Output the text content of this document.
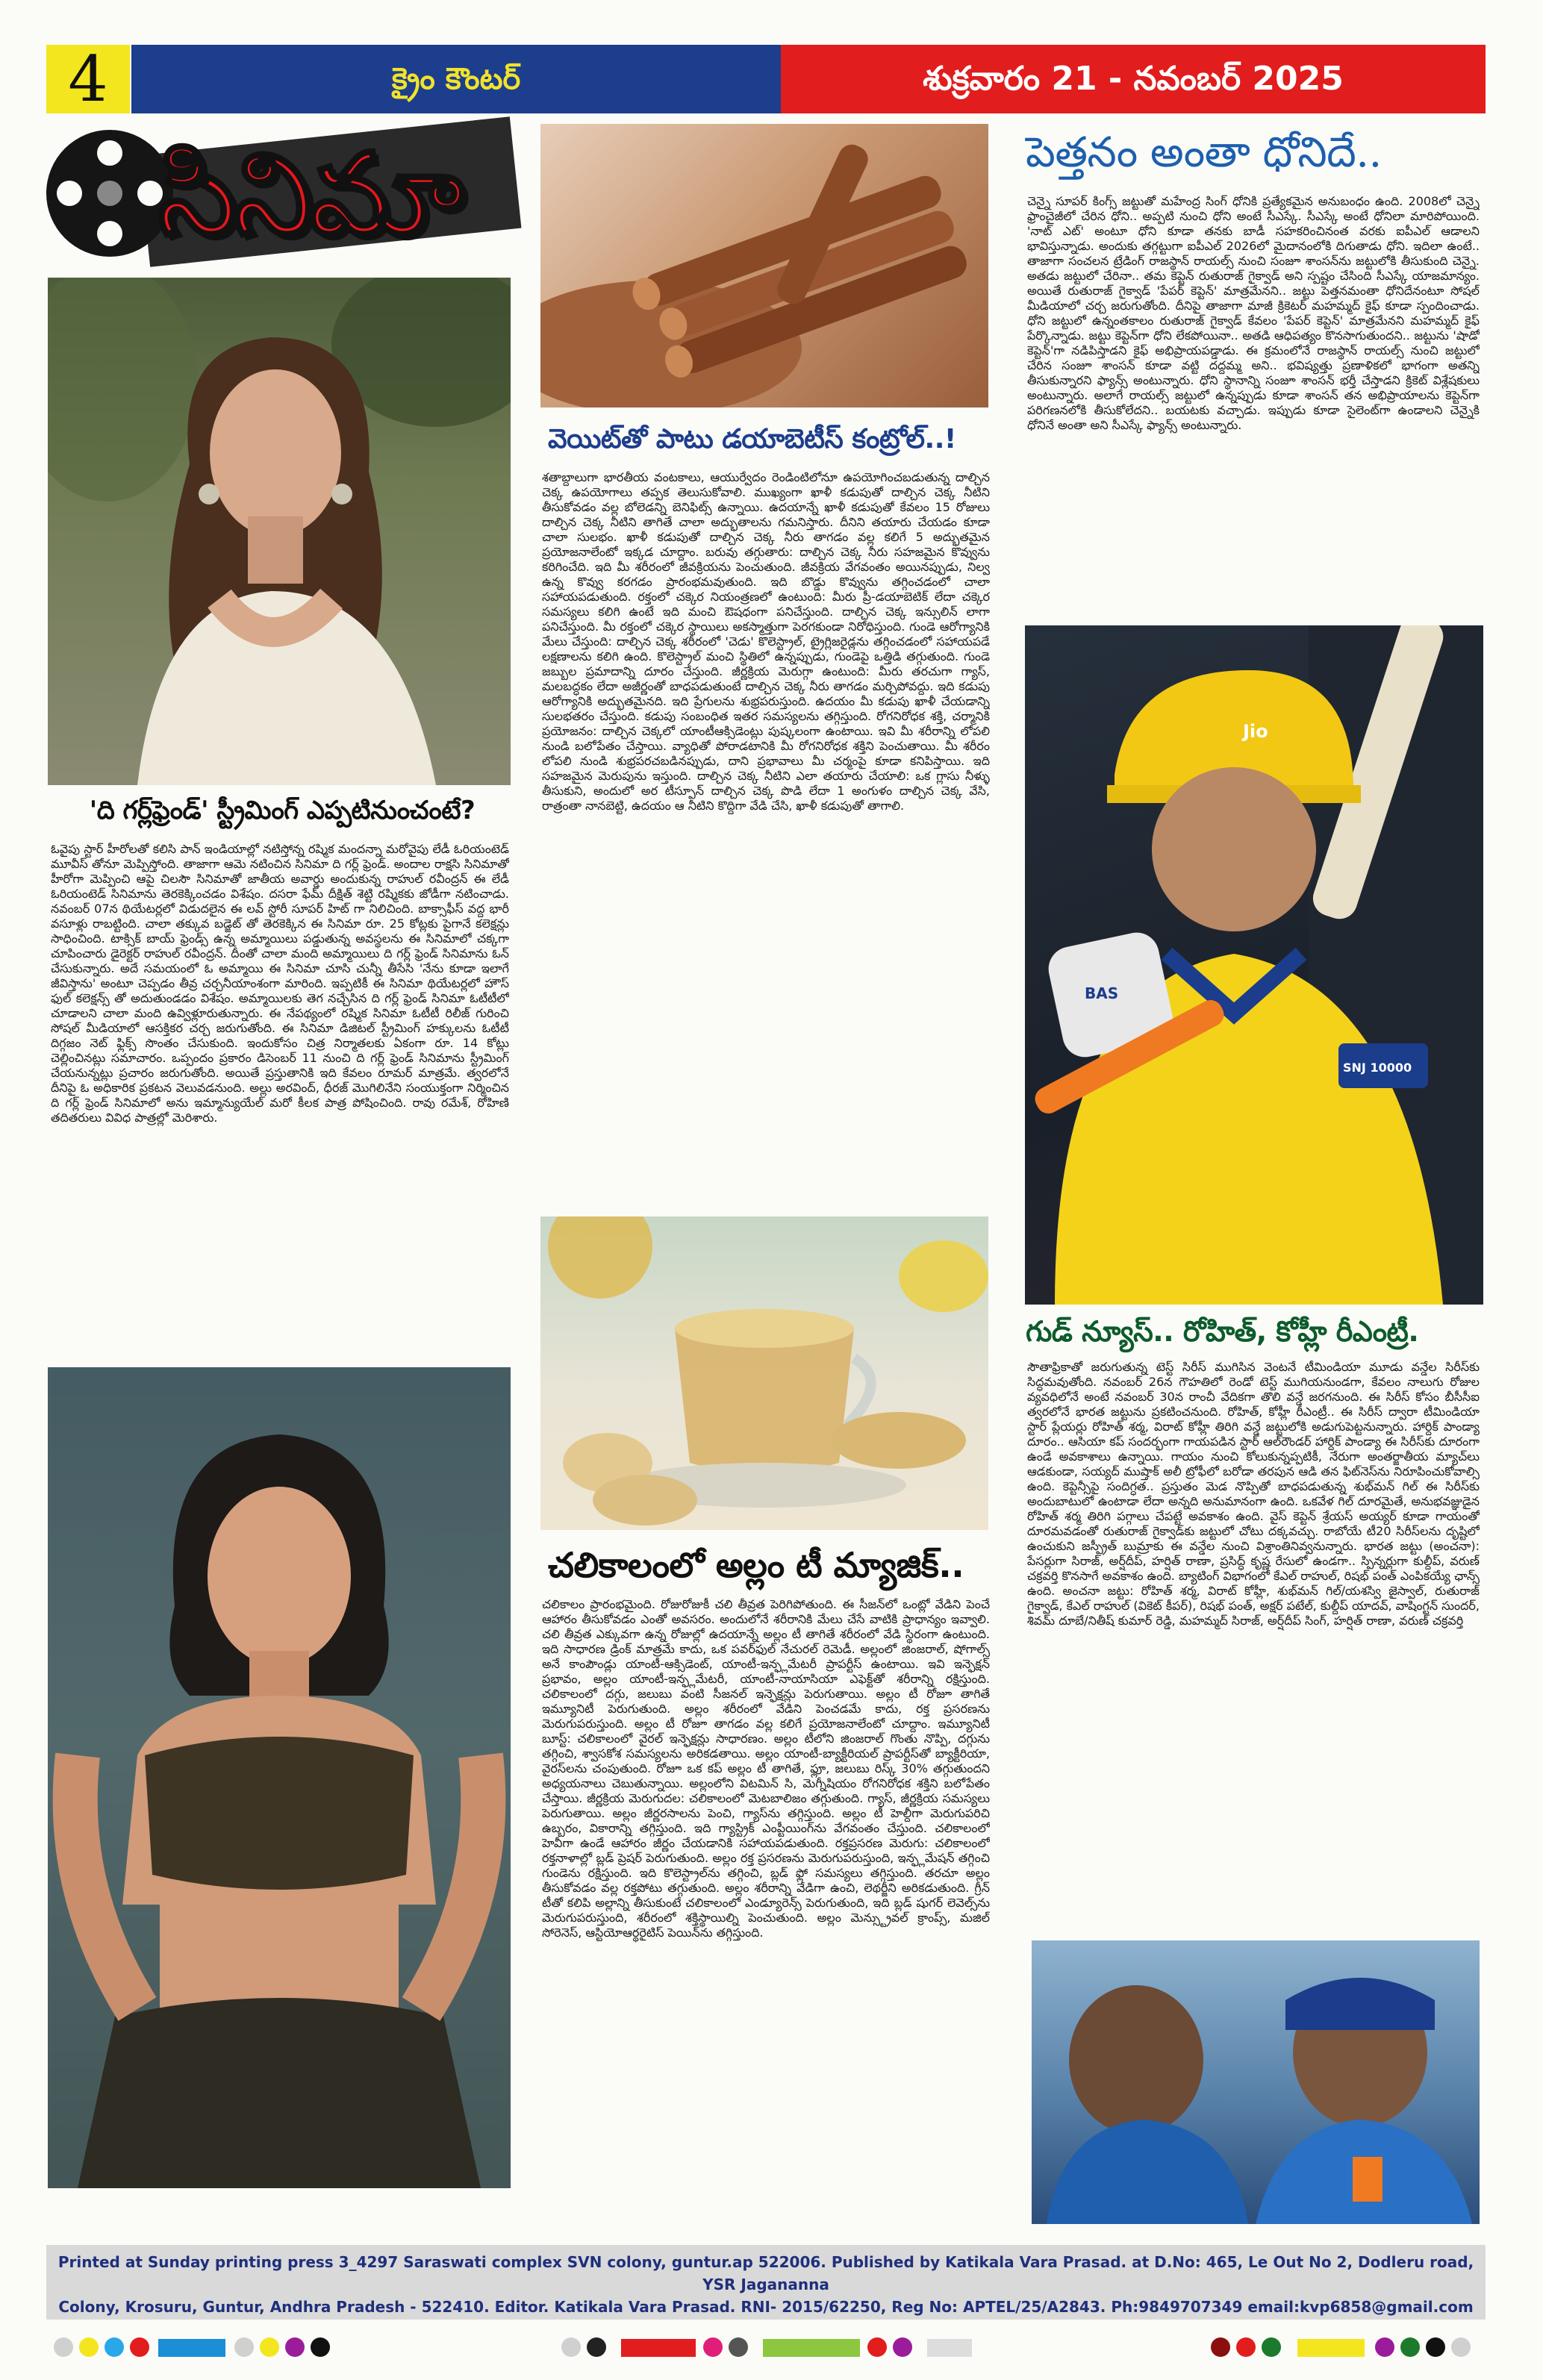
4	క్రైం కౌంటర్	శుక్రవారం 21 - నవంబర్ 2025
సినిమా
Jio
SNJ 10000
BAS
'ది గర్ల్‌ఫ్రెండ్' స్ట్రీమింగ్ ఎప్పటినుంచంటే?
వెయిట్‌తో పాటు డయాబెటీస్ కంట్రోల్..!
చలికాలంలో అల్లం టీ మ్యాజిక్..
పెత్తనం అంతా ధోనిదే..
గుడ్ న్యూస్.. రోహిత్, కోహ్లీ రీఎంట్రీ.
ఓవైపు స్టార్ హీరోలతో కలిసి పాన్ ఇండియాల్లో నటిస్తోన్న రష్మిక మందన్నా మరోవైపు లేడీ ఓరియంటెడ్ మూవీస్ తోనూ మెప్పిస్తోంది. తాజాగా ఆమె నటించిన సినిమా ది గర్ల్ ఫ్రెండ్. అందాల రాక్షసి సినిమాతో హీరోగా మెప్పించి ఆపై చిలసౌ సినిమాతో జాతీయ అవార్డు అందుకున్న రాహుల్ రవీంద్రన్ ఈ లేడీ ఓరియంటెడ్ సినిమాను తెరకెక్కించడం విశేషం. దసరా ఫేమ్ దీక్షిత్ శెట్టి రష్మికకు జోడీగా నటించాడు. నవంబర్ 07న థియేటర్లలో విడుదలైన ఈ లవ్ స్టోరీ సూపర్ హిట్ గా నిలిచింది. బాక్సాఫీస్ వద్ద భారీ వసూళ్లు రాబట్టింది. చాలా తక్కువ బడ్జెట్ తో తెరకెక్కిన ఈ సినిమా రూ. 25 కోట్లకు పైగానే కలెక్షన్లు సాధించింది. టాక్సిక్ బాయ్ ఫ్రెండ్స్ ఉన్న అమ్మాయిలు పడ్డుతున్న అవస్థలను ఈ సినిమాలో చక్కగా చూపించారు డైరెక్టర్ రాహుల్ రవీంద్రన్. దీంతో చాలా మంది అమ్మాయిలు ది గర్ల్ ఫ్రెండ్ సినిమాను ఓన్ చేసుకున్నారు. అదే సమయంలో ఓ అమ్మాయి ఈ సినిమా చూసి చున్నీ తీసేసి 'నేను కూడా ఇలాగే జీవిస్తాను' అంటూ చెప్పడం తీవ్ర చర్చనీయాంశంగా మారింది. ఇప్పటికీ ఈ సినిమా థియేటర్లలో హౌస్ ఫుల్ కలెక్షన్స్ తో అదుతుండడం విశేషం. అమ్మాయిలకు తెగ నచ్చేసిన ది గర్ల్ ఫ్రెండ్ సినిమా ఓటీటీలో చూడాలని చాలా మంది ఉవ్విళ్లూరుతున్నారు. ఈ నేపథ్యంలో రష్మిక సినిమా ఓటీటీ రిలీజ్ గురించి సోషల్ మీడియాలో ఆసక్తికర చర్చ జరుగుతోంది. ఈ సినిమా డిజిటల్ స్ట్రీమింగ్ హక్కులను ఓటీటీ దిగ్గజం నెట్ ఫ్లిక్స్ సొంతం చేసుకుంది. ఇందుకోసం చిత్ర నిర్మాతలకు ఏకంగా రూ. 14 కోట్లు చెల్లించినట్లు సమాచారం. ఒప్పందం ప్రకారం డిసెంబర్ 11 నుంచి ది గర్ల్ ఫ్రెండ్ సినిమాను స్ట్రీమింగ్ చేయనున్నట్లు ప్రచారం జరుగుతోంది. అయితే ప్రస్తుతానికి ఇది కేవలం రూమర్ మాత్రమే. త్వరలోనే దీనిపై ఓ అధికారిక ప్రకటన వెలువడనుంది. అల్లు అరవింద్, ధీరజ్ మొగిలినేని సంయుక్తంగా నిర్మించిన ది గర్ల్ ఫ్రెండ్ సినిమాలో అను ఇమ్మాన్యుయేల్ మరో కీలక పాత్ర పోషించింది. రావు రమేశ్, రోహిణి తదితరులు వివిధ పాత్రల్లో మెరిశారు.
శతాబ్దాలుగా భారతీయ వంటకాలు, ఆయుర్వేదం రెండింటిలోనూ ఉపయోగించబడుతున్న దాల్చిన చెక్క ఉపయోగాలు తప్పక తెలుసుకోవాలి. ముఖ్యంగా ఖాళీ కడుపుతో దాల్చిన చెక్క నీటిని తీసుకోవడం వల్ల బోలెడన్ని బెనిఫిట్స్ ఉన్నాయి. ఉదయాన్నే ఖాళీ కడుపుతో కేవలం 15 రోజులు దాల్చిన చెక్క నీటిని తాగితే చాలా అద్భుతాలను గమనిస్తారు. దీనిని తయారు చేయడం కూడా చాలా సులభం. ఖాళీ కడుపుతో దాల్చిన చెక్క నీరు తాగడం వల్ల కలిగే 5 అద్భుతమైన ప్రయోజనాలేంటో ఇక్కడ చూద్దాం. బరువు తగ్గుతారు: దాల్చిన చెక్క నీరు సహజమైన కొవ్వును కరిగించేది. ఇది మీ శరీరంలో జీవక్రియను పెంచుతుంది. జీవక్రియ వేగవంతం అయినప్పుడు, నిల్వ ఉన్న కొవ్వు కరగడం ప్రారంభమవుతుంది. ఇది బొడ్డు కొవ్వును తగ్గించడంలో చాలా సహాయపడుతుంది. రక్తంలో చక్కెర నియంత్రణలో ఉంటుంది: మీరు ప్రీ-డయాబెటిక్ లేదా చక్కెర సమస్యలు కలిగి ఉంటే ఇది మంచి ఔషధంగా పనిచేస్తుంది. దాల్చిన చెక్క ఇన్సులిన్ లాగా పనిచేస్తుంది. మీ రక్తంలో చక్కెర స్థాయిలు అకస్మాత్తుగా పెరగకుండా నిరోధిస్తుంది. గుండె ఆరోగ్యానికి మేలు చేస్తుంది: దాల్చిన చెక్క శరీరంలో 'చెడు' కొలెస్ట్రాల్, ట్రైగ్లిజరైడ్లను తగ్గించడంలో సహాయపడే లక్షణాలను కలిగి ఉంది. కొలెస్ట్రాల్ మంచి స్థితిలో ఉన్నప్పుడు, గుండెపై ఒత్తిడి తగ్గుతుంది. గుండె జబ్బుల ప్రమాదాన్ని దూరం చేస్తుంది. జీర్ణక్రియ మెరుగ్గా ఉంటుంది: మీరు తరచుగా గ్యాస్, మలబద్ధకం లేదా అజీర్ణంతో బాధపడుతుంటే దాల్చిన చెక్క నీరు తాగడం మర్చిపోవద్దు. ఇది కడుపు ఆరోగ్యానికి అద్భుతమైనది. ఇది ప్రేగులను శుభ్రపరుస్తుంది. ఉదయం మీ కడుపు ఖాళీ చేయడాన్ని సులభతరం చేస్తుంది. కడుపు సంబంధిత ఇతర సమస్యలను తగ్గిస్తుంది. రోగనిరోధక శక్తి, చర్మానికి ప్రయోజనం: దాల్చిన చెక్కలో యాంటీఆక్సిడెంట్లు పుష్కలంగా ఉంటాయి. ఇవి మీ శరీరాన్ని లోపలి నుండి బలోపేతం చేస్తాయి. వ్యాధితో పోరాడటానికి మీ రోగనిరోధక శక్తిని పెంచుతాయి. మీ శరీరం లోపలి నుండి శుభ్రపరచబడినప్పుడు, దాని ప్రభావాలు మీ చర్మంపై కూడా కనిపిస్తాయి. ఇది సహజమైన మెరుపును ఇస్తుంది. దాల్చిన చెక్క నీటిని ఎలా తయారు చేయాలి: ఒక గ్లాసు నీళ్ళు తీసుకుని, అందులో అర టీస్పూన్ దాల్చిన చెక్క పొడి లేదా 1 అంగుళం దాల్చిన చెక్క వేసి, రాత్రంతా నానబెట్టి, ఉదయం ఆ నీటిని కొద్దిగా వేడి చేసి, ఖాళీ కడుపుతో తాగాలి.
చలికాలం ప్రారంభమైంది. రోజురోజుకీ చలి తీవ్రత పెరిగిపోతుంది. ఈ సీజన్‌లో ఒంట్లో వేడిని పెంచే ఆహారం తీసుకోవడం ఎంతో అవసరం. అందులోనే శరీరానికి మేలు చేసే వాటికి ప్రాధాన్యం ఇవ్వాలి. చలి తీవ్రత ఎక్కువగా ఉన్న రోజుల్లో ఉదయాన్నే అల్లం టీ తాగితే శరీరంలో వేడి స్థిరంగా ఉంటుంది. ఇది సాధారణ డ్రింక్ మాత్రమే కాదు, ఒక పవర్‌ఫుల్ నేచురల్ రెమెడీ. అల్లంలో జింజరాల్, షోగాల్స్ అనే కాంపౌండ్లు యాంటీ-ఆక్సిడెంట్, యాంటీ-ఇన్ఫ్లమేటరీ ప్రాపర్టీస్ ఉంటాయి. ఇవి ఇన్ఫెక్షన్ ప్రభావం, అల్లం యాంటీ-ఇన్ఫ్లమేటరీ, యాంటీ-నాయాసియా ఎఫెక్ట్‌తో శరీరాన్ని రక్షిస్తుంది. చలికాలంలో దగ్గు, జలుబు వంటి సీజనల్ ఇన్ఫెక్షన్లు పెరుగుతాయి. అల్లం టీ రోజూ తాగితే ఇమ్యూనిటీ పెరుగుతుంది. అల్లం శరీరంలో వేడిని పెంచడమే కాదు, రక్త ప్రసరణను మెరుగుపరుస్తుంది. అల్లం టీ రోజూ తాగడం వల్ల కలిగే ప్రయోజనాలేంటో చూద్దాం. ఇమ్యూనిటీ బూస్ట్: చలికాలంలో వైరల్ ఇన్ఫెక్షన్లు సాధారణం. అల్లం టీలోని జింజరాల్ గొంతు నొప్పి, దగ్గును తగ్గించి, శ్వాసకోశ సమస్యలను అరికడతాయి. అల్లం యాంటీ-బ్యాక్టీరియల్ ప్రాపర్టీస్‌తో బ్యాక్టీరియా, వైరస్‌లను చంపుతుంది. రోజూ ఒక కప్ అల్లం టీ తాగితే, ఫ్లూ, జలుబు రిస్క్ 30% తగ్గుతుందని అధ్యయనాలు చెబుతున్నాయి. అల్లంలోని విటమిన్ సి, మెగ్నీషియం రోగనిరోధక శక్తిని బలోపేతం చేస్తాయి. జీర్ణక్రియ మెరుగుదల: చలికాలంలో మెటబాలిజం తగ్గుతుంది. గ్యాస్, జీర్ణక్రియ సమస్యలు పెరుగుతాయి. అల్లం జీర్ణరసాలను పెంచి, గ్యాస్‌ను తగ్గిస్తుంది. అల్లం టీ హెల్దీగా మెరుగుపరిచి ఉబ్బరం, వికారాన్ని తగ్గిస్తుంది. ఇది గ్యాస్ట్రిక్ ఎంప్టీయింగ్‌ను వేగవంతం చేస్తుంది. చలికాలంలో హెవీగా ఉండే ఆహారం జీర్ణం చేయడానికి సహాయపడుతుంది. రక్తప్రసరణ మెరుగు: చలికాలంలో రక్తనాళాల్లో బ్లడ్ ప్రెషర్ పెరుగుతుంది. అల్లం రక్త ప్రసరణను మెరుగుపరుస్తుంది, ఇన్ఫ్లమేషన్ తగ్గించి గుండెను రక్షిస్తుంది. ఇది కొలెస్ట్రాల్‌ను తగ్గించి, బ్లడ్ ఫ్లో సమస్యలు తగ్గిస్తుంది. తరచూ అల్లం తీసుకోవడం వల్ల రక్తపోటు తగ్గుతుంది. అల్లం శరీరాన్ని వేడిగా ఉంచి, లెథర్జీని అరికడుతుంది. గ్రీన్ టీతో కలిపి అల్లాన్ని తీసుకుంటే చలికాలంలో ఎండ్యూరెన్స్ పెరుగుతుంది, ఇది బ్లడ్ షుగర్ లెవెల్స్‌ను మెరుగుపరుస్తుంది, శరీరంలో శక్తిస్థాయిల్ని పెంచుతుంది. అల్లం మెన్స్ట్రువల్ క్రాంప్స్, మజిల్ సోరెనెస్, ఆస్టియోఆర్థరైటిస్ పెయిన్‌ను తగ్గిస్తుంది.
చెన్నై సూపర్ కింగ్స్ జట్టుతో మహేంద్ర సింగ్ ధోనికి ప్రత్యేకమైన అనుబంధం ఉంది. 2008లో చెన్నై ఫ్రాంచైజీలో చేరిన ధోని.. అప్పటి నుంచి ధోని అంటే సీఎస్కే. సీఎస్కే అంటే ధోనిలా మారిపోయింది. 'నాట్ ఎట్' అంటూ ధోని కూడా తనకు బాడీ సహకరించినంత వరకు ఐపీఎల్ ఆడాలని భావిస్తున్నాడు. అందుకు తగ్గట్టుగా ఐపీఎల్ 2026లో మైదానంలోకి దిగుతాడు ధోని. ఇదిలా ఉంటే.. తాజాగా సంచలన ట్రేడింగ్ రాజస్థాన్ రాయల్స్ నుంచి సంజూ శాంసన్‌ను జట్టులోకి తీసుకుంది చెన్నై. అతడు జట్టులో చేరినా.. తమ కెప్టెన్ రుతురాజ్ గైక్వాడ్ అని స్పష్టం చేసింది సీఎస్కే యాజమాన్యం. అయితే రుతురాజ్ గైక్వాడ్ 'పేపర్ కెప్టెన్' మాత్రమేనని.. జట్టు పెత్తనమంతా ధోనిదేనంటూ సోషల్ మీడియాలో చర్చ జరుగుతోంది. దీనిపై తాజాగా మాజీ క్రికెటర్ మహమ్మద్ కైఫ్ కూడా స్పందించాడు. ధోని జట్టులో ఉన్నంతకాలం రుతురాజ్ గైక్వాడ్ కేవలం 'పేపర్ కెప్టెన్' మాత్రమేనని మహమ్మద్ కైఫ్ పేర్కొన్నాడు. జట్టు కెప్టెన్‌గా ధోని లేకపోయినా.. అతడి ఆధిపత్యం కొనసాగుతుందని.. జట్టును 'షాడో కెప్టెన్'గా నడిపిస్తాడని కైఫ్ అభిప్రాయపడ్డాడు. ఈ క్రమంలోనే రాజస్థాన్ రాయల్స్ నుంచి జట్టులో చేరిన సంజూ శాంసన్ కూడా వట్టి దద్దమ్మ అని.. భవిష్యత్తు ప్రణాళికలో భాగంగా అతన్ని తీసుకున్నారని ఫ్యాన్స్ అంటున్నారు. ధోని స్థానాన్ని సంజూ శాంసన్ భర్తీ చేస్తాడని క్రికెట్ విశ్లేషకులు అంటున్నారు. అలాగే రాయల్స్ జట్టులో ఉన్నప్పుడు కూడా శాంసన్ తన అభిప్రాయాలను కెప్టెన్‌గా పరిగణనలోకి తీసుకోలేదని.. బయటకు వచ్చాడు. ఇప్పుడు కూడా సైలెంట్‌గా ఉండాలని చెన్నైకి ధోనినే అంతా అని సీఎస్కే ఫ్యాన్స్ అంటున్నారు.
సౌతాఫ్రికాతో జరుగుతున్న టెస్ట్ సిరీస్ ముగిసిన వెంటనే టీమిండియా మూడు వన్డేల సిరీస్‌కు సిద్ధమవుతోంది. నవంబర్ 26న గౌహతిలో రెండో టెస్ట్ ముగియనుండగా, కేవలం నాలుగు రోజుల వ్యవధిలోనే అంటే నవంబర్ 30న రాంచీ వేదికగా తొలి వన్డే జరగనుంది. ఈ సిరీస్ కోసం బీసీసీఐ త్వరలోనే భారత జట్టును ప్రకటించనుంది. రోహిత్, కోహ్లీ రీఎంట్రీ.. ఈ సిరీస్ ద్వారా టీమిండియా స్టార్ ప్లేయర్లు రోహిత్ శర్మ, విరాట్ కోహ్లీ తిరిగి వన్డే జట్టులోకి అడుగుపెట్టనున్నారు. హార్దిక్ పాండ్యా దూరం.. ఆసియా కప్ సందర్భంగా గాయపడిన స్టార్ ఆల్‌రౌండర్ హార్దిక్ పాండ్యా ఈ సిరీస్‌కు దూరంగా ఉండే అవకాశాలు ఉన్నాయి. గాయం నుంచి కోలుకున్నప్పటికీ, నేరుగా అంతర్జాతీయ మ్యాచ్‌లు ఆడకుండా, సయ్యద్ ముష్తాక్ అలీ ట్రోఫీలో బరోడా తరపున ఆడి తన ఫిట్‌నెస్‌ను నిరూపించుకోవాల్సి ఉంది. కెప్టెన్సీపై సందిగ్ధత.. ప్రస్తుతం మెడ నొప్పితో బాధపడుతున్న శుభ్‌మన్ గిల్ ఈ సిరీస్‌కు అందుబాటులో ఉంటాడా లేదా అన్నది అనుమానంగా ఉంది. ఒకవేళ గిల్ దూరమైతే, అనుభవజ్ఞుడైన రోహిత్ శర్మ తిరిగి పగ్గాలు చేపట్టే అవకాశం ఉంది. వైస్ కెప్టెన్ శ్రేయస్ అయ్యర్ కూడా గాయంతో దూరమవడంతో రుతురాజ్ గైక్వాడ్‌కు జట్టులో చోటు దక్కవచ్చు. రాబోయే టీ20 సిరీస్‌లను దృష్టిలో ఉంచుకుని జస్ప్రీత్ బుమ్రాకు ఈ వన్డేల నుంచి విశ్రాంతినివ్వనున్నారు. భారత జట్టు (అంచనా): పేసర్లుగా సిరాజ్, అర్ష్‌దీప్, హర్షిత్ రాణా, ప్రసిద్ధ్ కృష్ణ రేసులో ఉండగా.. స్పిన్నర్లుగా కుల్దీప్, వరుణ్ చక్రవర్తి కొనసాగే అవకాశం ఉంది. బ్యాటింగ్ విభాగంలో కేఎల్ రాహుల్, రిషభ్ పంత్ ఎంపికయ్యే ఛాన్స్ ఉంది. అంచనా జట్టు: రోహిత్ శర్మ, విరాట్ కోహ్లీ, శుభ్‌మన్ గిల్/యశస్వి జైస్వాల్, రుతురాజ్ గైక్వాడ్, కేఎల్ రాహుల్ (వికెట్ కీపర్), రిషభ్ పంత్, అక్షర్ పటేల్, కుల్దీప్ యాదవ్, వాషింగ్టన్ సుందర్, శివమ్ దూబే/నితీష్ కుమార్ రెడ్డి, మహమ్మద్ సిరాజ్, అర్ష్‌దీప్ సింగ్, హర్షిత్ రాణా, వరుణ్ చక్రవర్తి
Printed at Sunday printing press 3_4297 Saraswati complex SVN colony, guntur.ap 522006. Published by Katikala Vara Prasad. at D.No: 465, Le Out No 2, Dodleru road, YSR Jagananna
Colony, Krosuru, Guntur, Andhra Pradesh - 522410. Editor. Katikala Vara Prasad. RNI- 2015/62250, Reg No: APTEL/25/A2843. Ph:9849707349 email:kvp6858@gmail.com
